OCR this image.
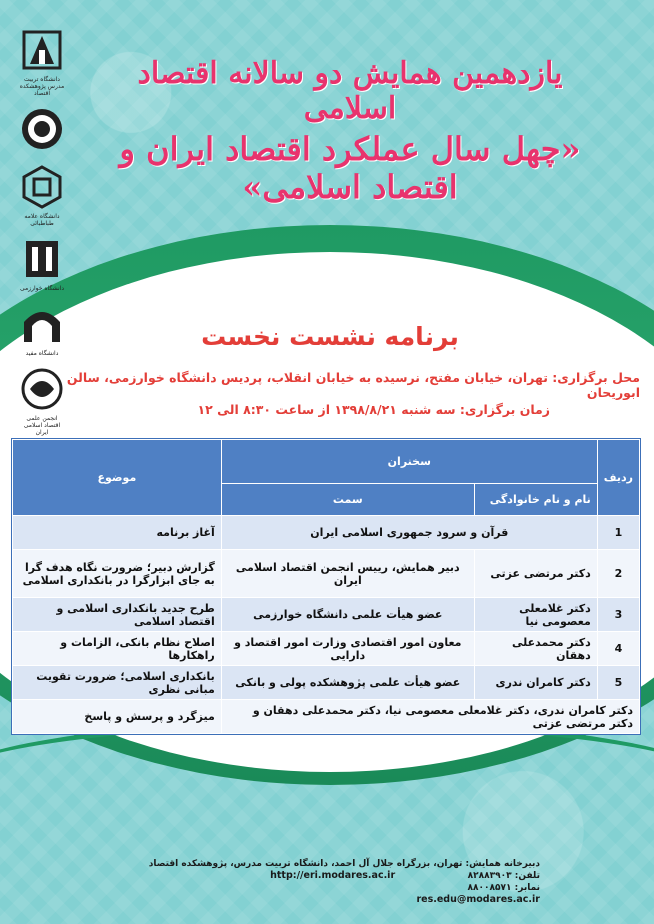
یازدهمین همایش دو سالانه اقتصاد اسلامی
«چهل سال عملکرد اقتصاد ایران و اقتصاد اسلامی»
دانشگاه تربیت مدرس پژوهشکده اقتصاد
دانشگاه علامه طباطبائی
دانشگاه خوارزمی
دانشگاه مفید
انجمن علمی اقتصاد اسلامی ایران
برنامه نشست نخست
محل برگزاری: تهران، خیابان مفتح، نرسیده به خیابان انقلاب، پردیس دانشگاه خوارزمی، سالن ابوریحان
زمان برگزاری: سه شنبه ۱۳۹۸/۸/۲۱ از ساعت ۸:۳۰ الی ۱۲
ردیف	سخنران		موضوع
	نام و نام خانوادگی	سمت	
1	قرآن و سرود جمهوری اسلامی ایران		آغاز برنامه
2	دکتر مرتضی عزتی	دبیر همایش، رییس انجمن اقتصاد اسلامی ایران	گزارش دبیر؛ ضرورت نگاه هدف گرا به جای ابزارگرا در بانکداری اسلامی
3	دکتر غلامعلی معصومی نیا	عضو هیأت علمی دانشگاه خوارزمی	طرح جدید بانکداری اسلامی و اقتصاد اسلامی
4	دکتر محمدعلی دهقان	معاون امور اقتصادی وزارت امور اقتصاد و دارایی	اصلاح نظام بانکی، الزامات و راهکارها
5	دکتر کامران ندری	عضو هیأت علمی پژوهشکده پولی و بانکی	بانکداری اسلامی؛ ضرورت تقویت مبانی نظری
دکتر کامران ندری، دکتر غلامعلی معصومی نیا، دکتر محمدعلی دهقان و دکتر مرتضی عزتی			میزگرد و پرسش و پاسخ
دبیرخانه همایش: تهران، بزرگراه جلال آل احمد، دانشگاه تربیت مدرس، پژوهشکده اقتصاد
تلفن: ۸۲۸۸۳۹۰۳    http://eri.modares.ac.ir
نمابر: ۸۸۰۰۸۵۷۱
res.edu@modares.ac.ir
